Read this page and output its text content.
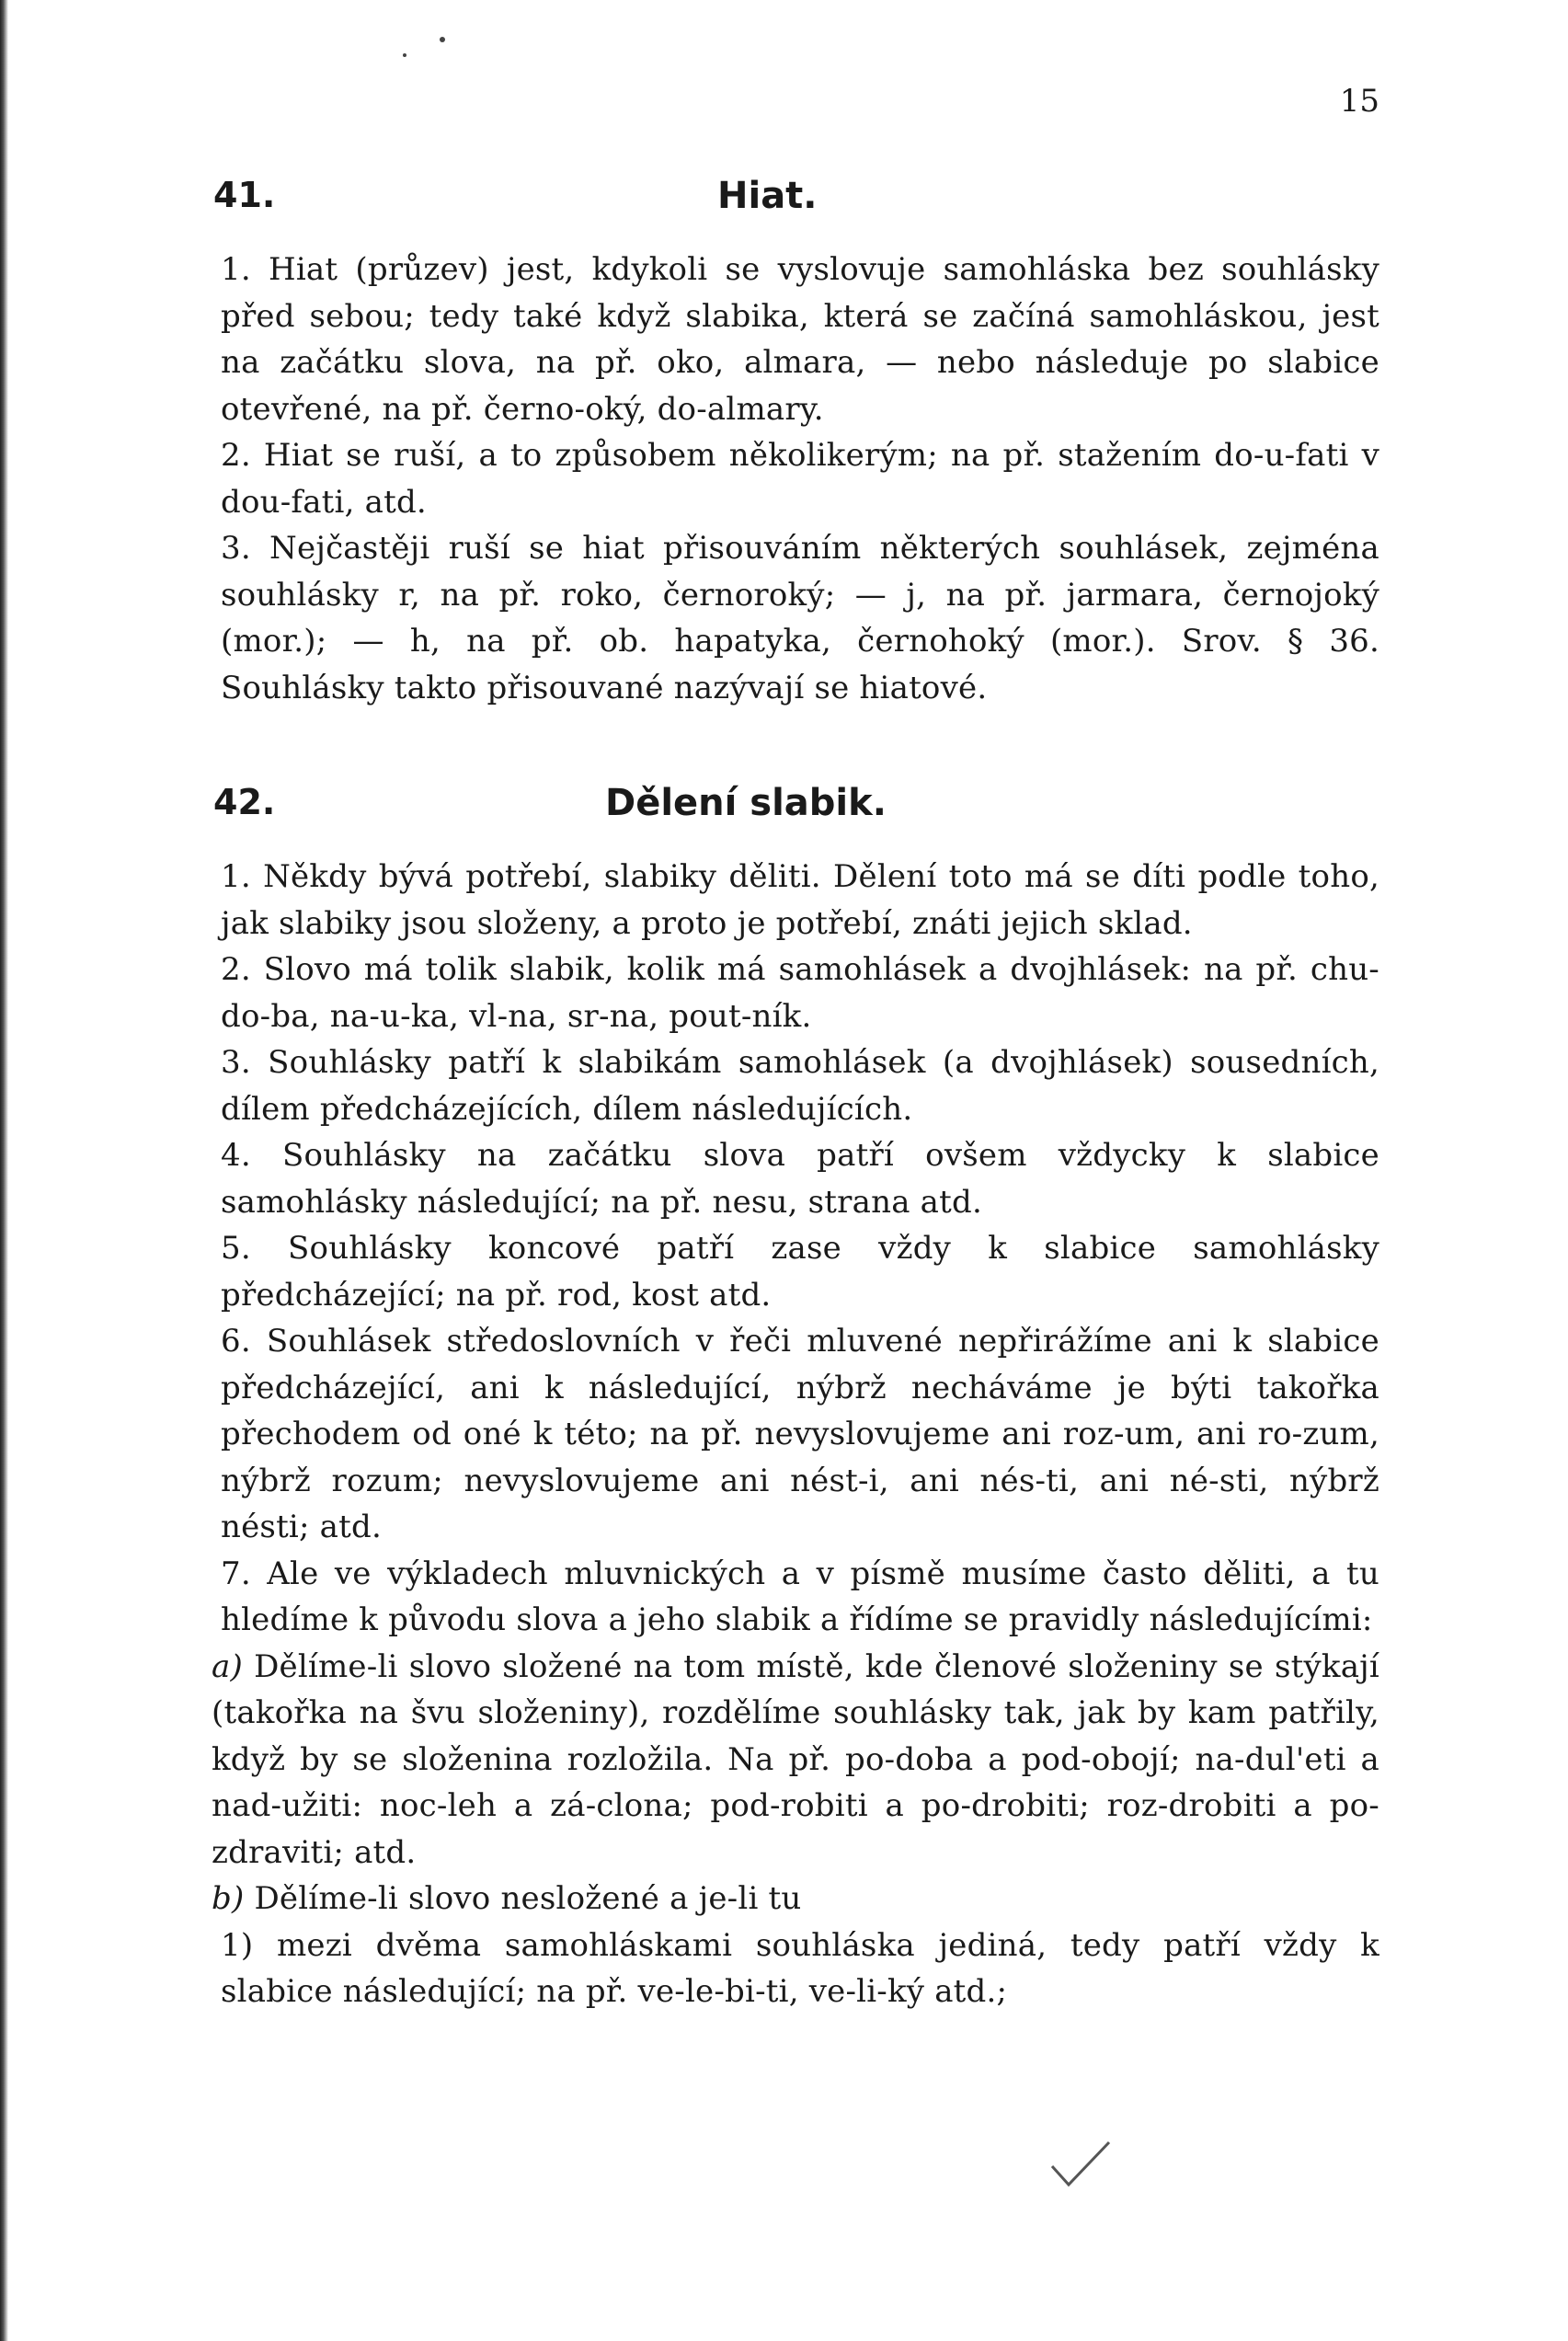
15
41.	Hiat.

1. Hiat (průzev) jest, kdykoli se vyslovuje samohláska bez souhlásky před sebou; tedy také když slabika, která se začíná samohláskou, jest na začátku slova, na př. oko, almara, — nebo následuje po slabice otevřené, na př. černo-oký, do-almary.

2. Hiat se ruší, a to způsobem několikerým; na př. stažením do-u-fati v dou-fati, atd.

3. Nejčastěji ruší se hiat přisouváním některých souhlásek, zejména souhlásky r, na př. roko, černoroký; — j, na př. jarmara, černojoký (mor.); — h, na př. ob. hapatyka, černohoký (mor.). Srov. § 36. Souhlásky takto přisouvané nazývají se hiatové.

42.	Dělení slabik.

1. Někdy bývá potřebí, slabiky děliti. Dělení toto má se díti podle toho, jak slabiky jsou složeny, a proto je potřebí, znáti jejich sklad.

2. Slovo má tolik slabik, kolik má samohlásek a dvojhlásek: na př. chu-do-ba, na-u-ka, vl-na, sr-na, pout-ník.

3. Souhlásky patří k slabikám samohlásek (a dvojhlásek) sousedních, dílem předcházejících, dílem následujících.

4. Souhlásky na začátku slova patří ovšem vždycky k slabice samohlásky následující; na př. nesu, strana atd.

5. Souhlásky koncové patří zase vždy k slabice samohlásky předcházející; na př. rod, kost atd.

6. Souhlásek středoslovních v řeči mluvené nepřirážíme ani k slabice předcházející, ani k následující, nýbrž necháváme je býti takořka přechodem od oné k této; na př. nevyslovujeme ani roz-um, ani ro-zum, nýbrž rozum; nevyslovujeme ani nést-i, ani nés-ti, ani né-sti, nýbrž nésti; atd.

7. Ale ve výkladech mluvnických a v písmě musíme často děliti, a tu hledíme k původu slova a jeho slabik a řídíme se pravidly následujícími:

a) Dělíme-li slovo složené na tom místě, kde členové složeniny se stýkají (takořka na švu složeniny), rozdělíme souhlásky tak, jak by kam patřily, když by se složenina rozložila. Na př. po-doba a pod-obojí; na-dul'eti a nad-užiti: noc-leh a zá-clona; pod-robiti a po-drobiti; roz-drobiti a po-zdraviti; atd.

b) Dělíme-li slovo nesložené a je-li tu

1) mezi dvěma samohláskami souhláska jediná, tedy patří vždy k slabice následující; na př. ve-le-bi-ti, ve-li-ký atd.;
